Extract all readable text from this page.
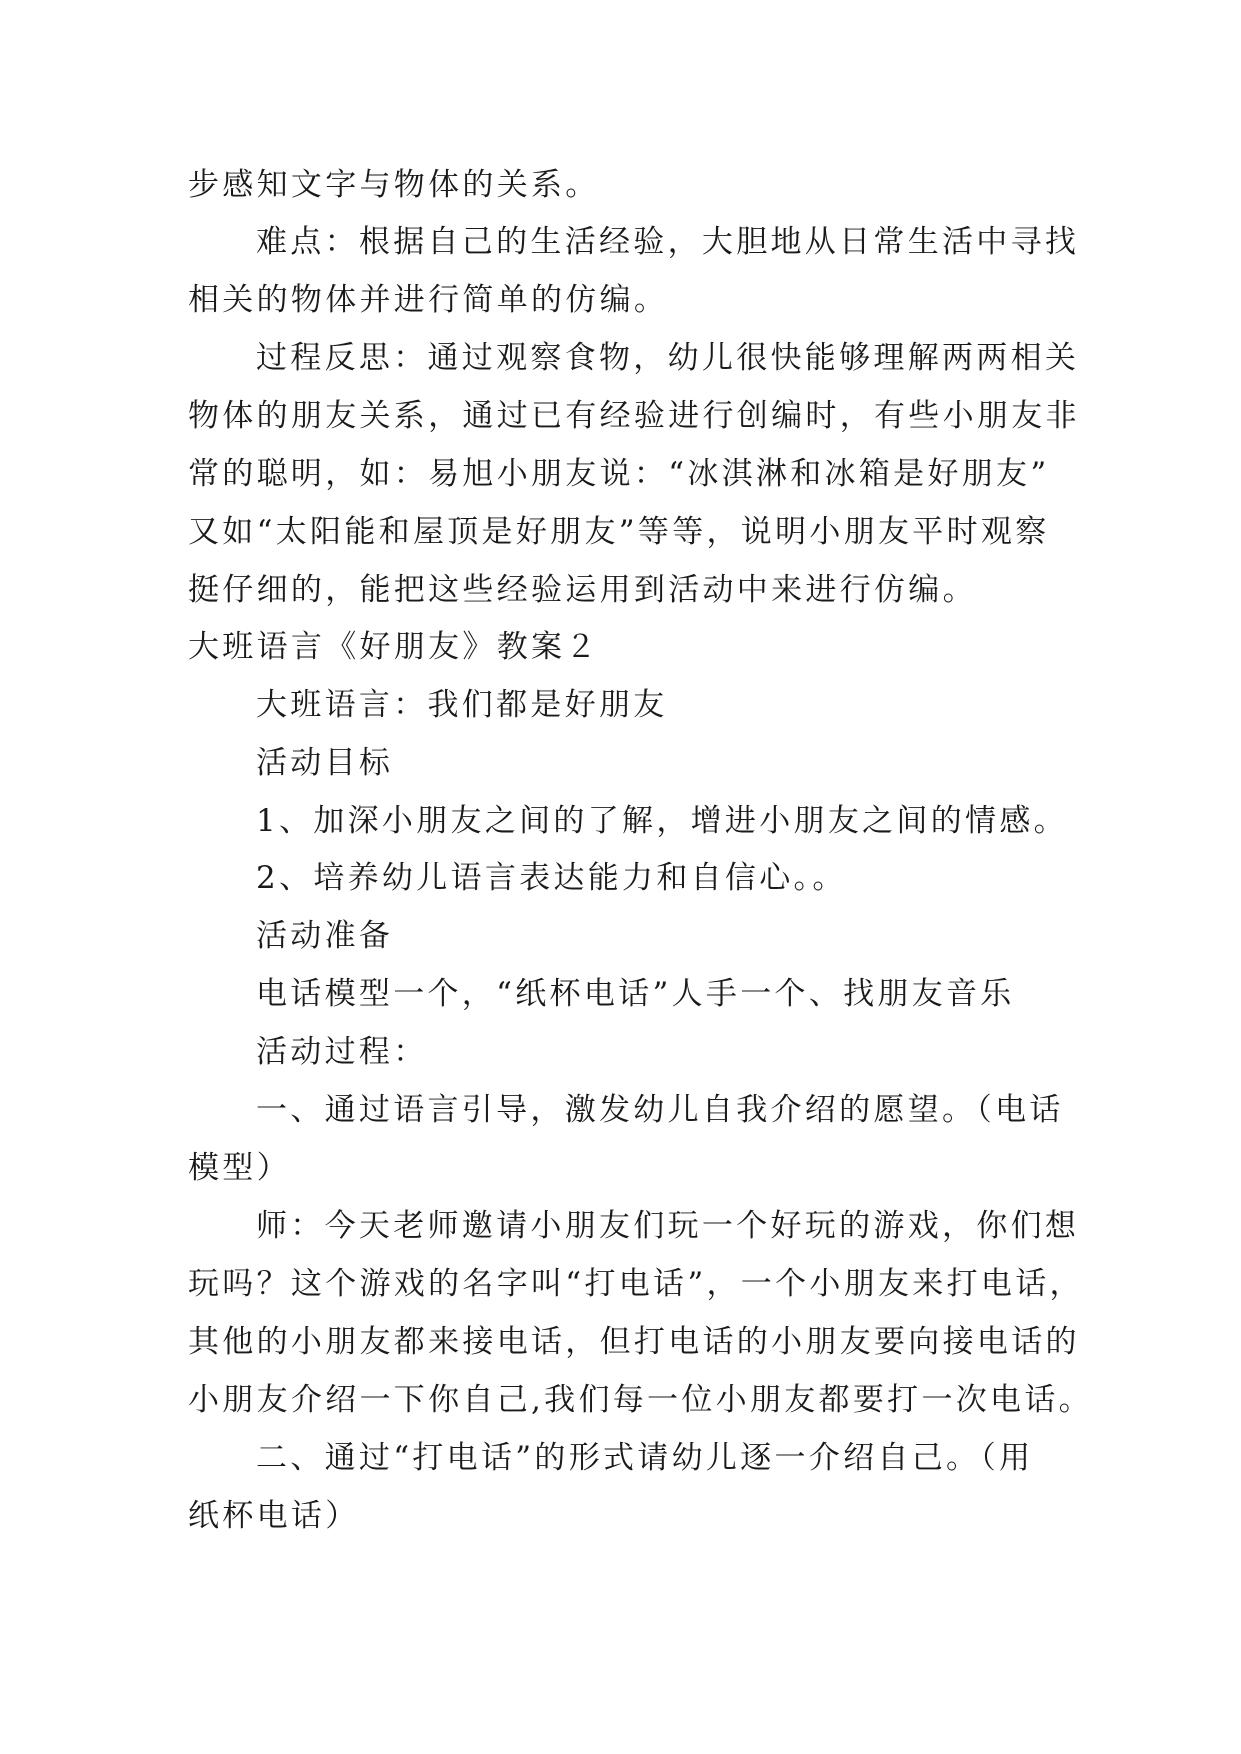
步感知文字与物体的关系。
难点：根据自己的生活经验，大胆地从日常生活中寻找
相关的物体并进行简单的仿编。
过程反思：通过观察食物，幼儿很快能够理解两两相关
物体的朋友关系，通过已有经验进行创编时，有些小朋友非
常的聪明，如：易旭小朋友说：“冰淇淋和冰箱是好朋友”
又如“太阳能和屋顶是好朋友”等等，说明小朋友平时观察
挺仔细的，能把这些经验运用到活动中来进行仿编。
大班语言《好朋友》教案２
大班语言：我们都是好朋友
活动目标
1、加深小朋友之间的了解，增进小朋友之间的情感。
2、培养幼儿语言表达能力和自信心。。
活动准备
电话模型一个，“纸杯电话”人手一个、找朋友音乐
活动过程：
一、通过语言引导，激发幼儿自我介绍的愿望。（电话
模型）
师：今天老师邀请小朋友们玩一个好玩的游戏，你们想
玩吗？这个游戏的名字叫“打电话”，一个小朋友来打电话，
其他的小朋友都来接电话，但打电话的小朋友要向接电话的
小朋友介绍一下你自己,我们每一位小朋友都要打一次电话。
二、通过“打电话”的形式请幼儿逐一介绍自己。（用
纸杯电话）
